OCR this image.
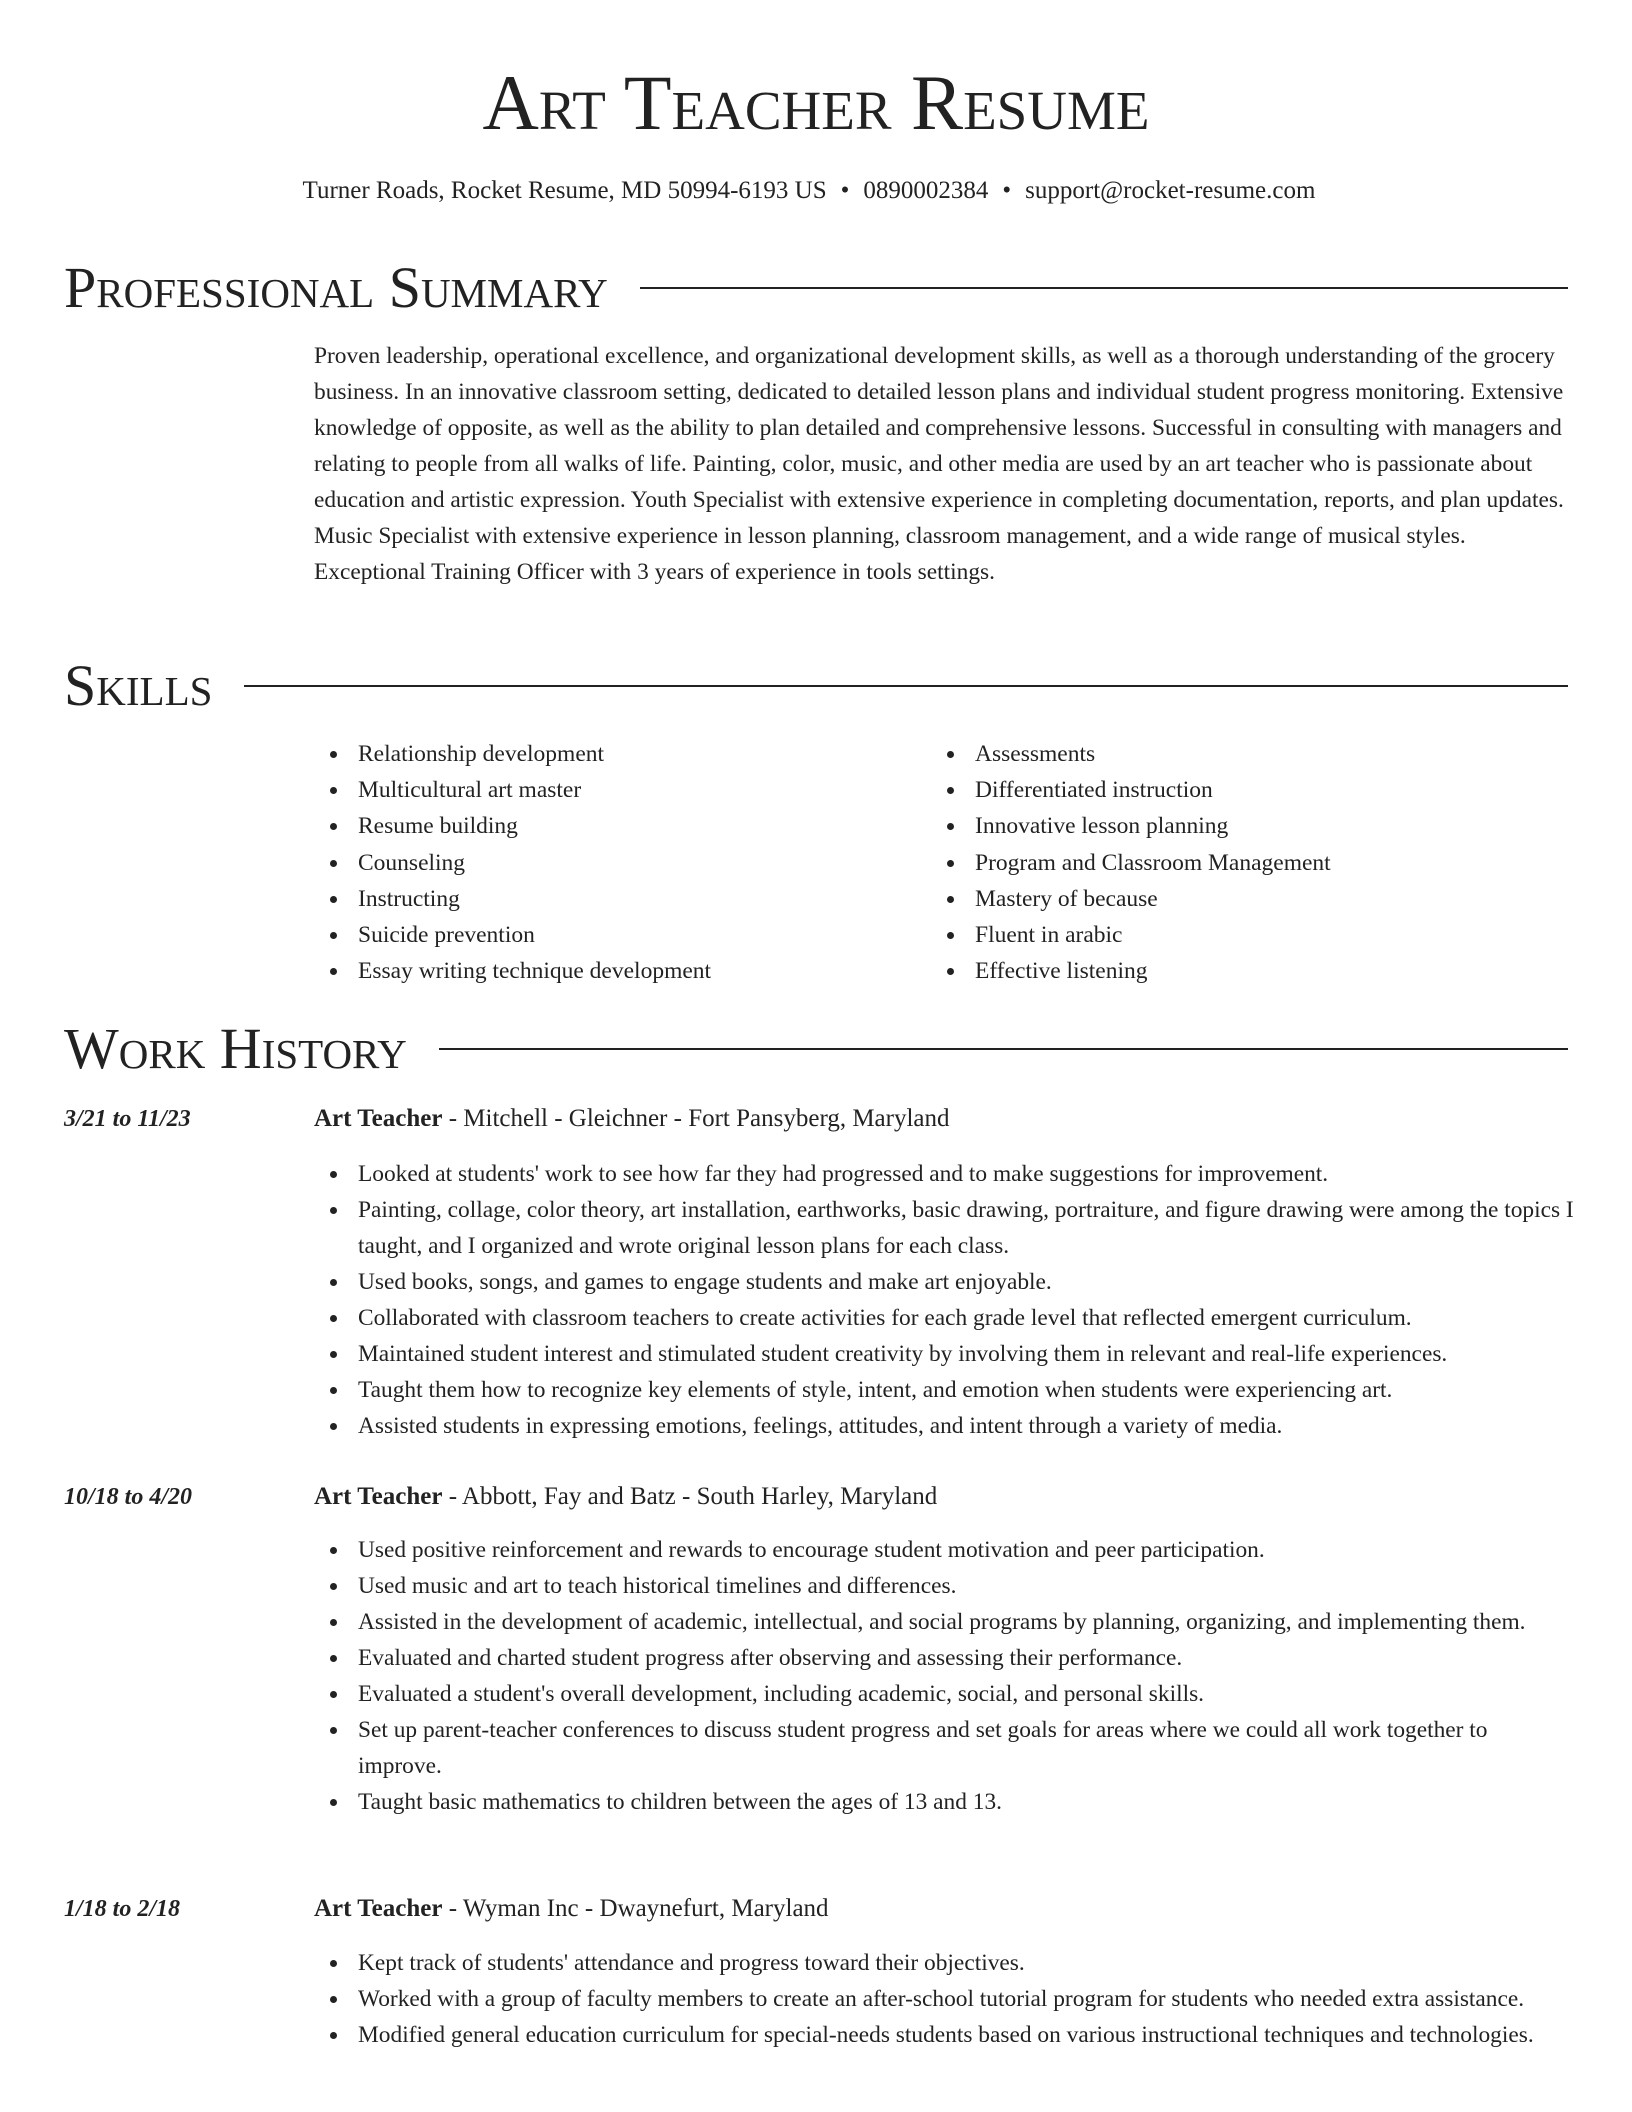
Art Teacher Resume
Turner Roads, Rocket Resume, MD 50994-6193 US • 0890002384 • support@rocket-resume.com
Professional Summary

Proven leadership, operational excellence, and organizational development skills, as well as a thorough understanding of the grocery business. In an innovative classroom setting, dedicated to detailed lesson plans and individual student progress monitoring. Extensive knowledge of opposite, as well as the ability to plan detailed and comprehensive lessons. Successful in consulting with managers and relating to people from all walks of life. Painting, color, music, and other media are used by an art teacher who is passionate about education and artistic expression. Youth Specialist with extensive experience in completing documentation, reports, and plan updates. Music Specialist with extensive experience in lesson planning, classroom management, and a wide range of musical styles. Exceptional Training Officer with 3 years of experience in tools settings.

Skills
Relationship development
Multicultural art master
Resume building
Counseling
Instructing
Suicide prevention
Essay writing technique development
Assessments
Differentiated instruction
Innovative lesson planning
Program and Classroom Management
Mastery of because
Fluent in arabic
Effective listening
Work History
3/21 to 11/23	Art Teacher - Mitchell - Gleichner - Fort Pansyberg, Maryland
Looked at students' work to see how far they had progressed and to make suggestions for improvement.
Painting, collage, color theory, art installation, earthworks, basic drawing, portraiture, and figure drawing were among the topics I taught, and I organized and wrote original lesson plans for each class.
Used books, songs, and games to engage students and make art enjoyable.
Collaborated with classroom teachers to create activities for each grade level that reflected emergent curriculum.
Maintained student interest and stimulated student creativity by involving them in relevant and real-life experiences.
Taught them how to recognize key elements of style, intent, and emotion when students were experiencing art.
Assisted students in expressing emotions, feelings, attitudes, and intent through a variety of media.
10/18 to 4/20	Art Teacher - Abbott, Fay and Batz - South Harley, Maryland
Used positive reinforcement and rewards to encourage student motivation and peer participation.
Used music and art to teach historical timelines and differences.
Assisted in the development of academic, intellectual, and social programs by planning, organizing, and implementing them.
Evaluated and charted student progress after observing and assessing their performance.
Evaluated a student's overall development, including academic, social, and personal skills.
Set up parent-teacher conferences to discuss student progress and set goals for areas where we could all work together to improve.
Taught basic mathematics to children between the ages of 13 and 13.
1/18 to 2/18	Art Teacher - Wyman Inc - Dwaynefurt, Maryland
Kept track of students' attendance and progress toward their objectives.
Worked with a group of faculty members to create an after-school tutorial program for students who needed extra assistance.
Modified general education curriculum for special-needs students based on various instructional techniques and technologies.
